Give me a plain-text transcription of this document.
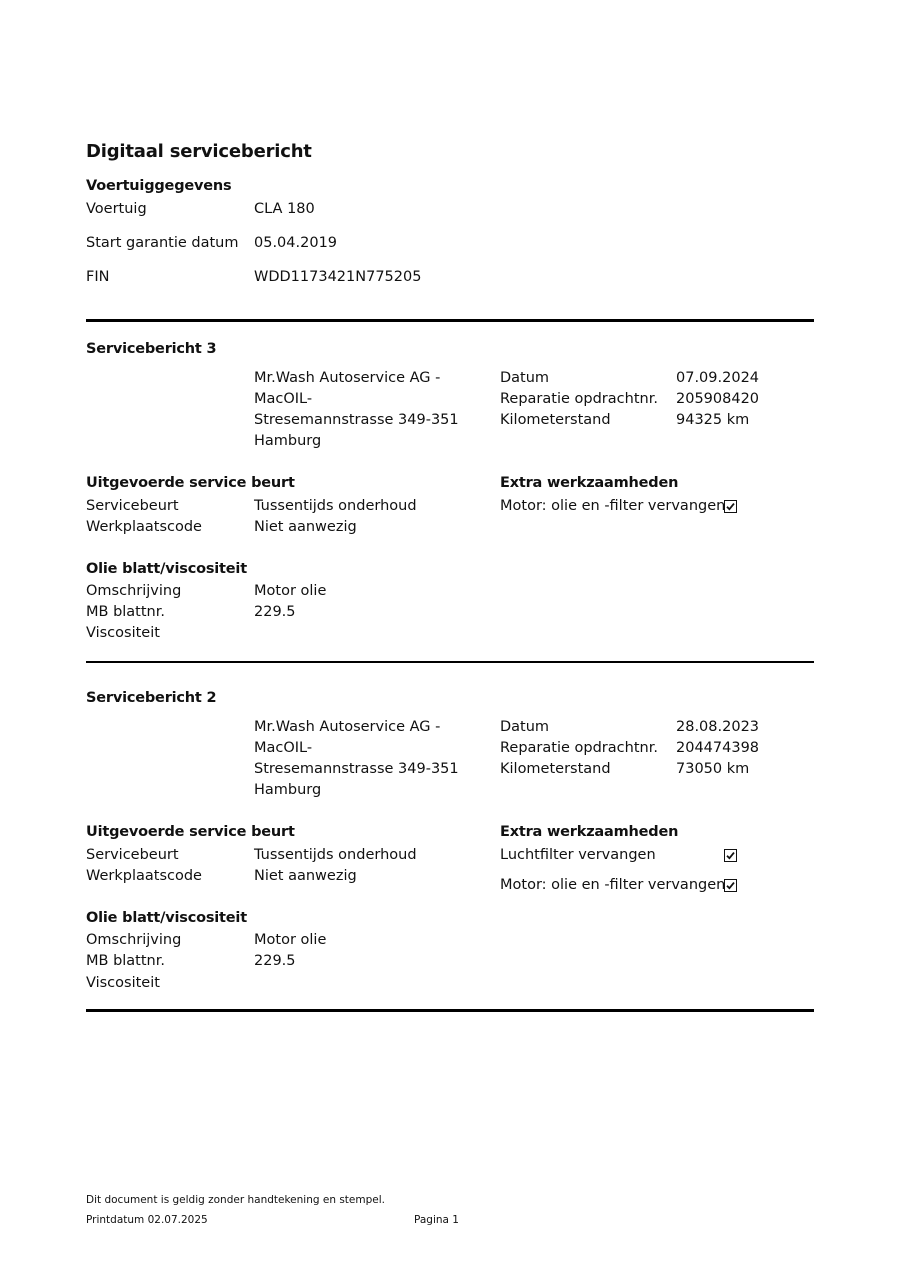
Digitaal servicebericht
Voertuiggegevens
Voertuig	CLA 180
Start garantie datum 05.04.2019
FIN	WDD1173421N775205
Servicebericht 3
Mr.Wash Autoservice AG -
MacOIL-
Stresemannstrasse 349-351
Hamburg
Datum	07.09.2024
Reparatie opdrachtnr. 205908420
Kilometerstand	94325 km
Uitgevoerde service beurt
Servicebeurt	Tussentijds onderhoud
Werkplaatscode	Niet aanwezig
Extra werkzaamheden
Motor: olie en -filter vervangen
Olie blatt/viscositeit
Omschrijving	Motor olie
MB blattnr.	229.5
Viscositeit
Servicebericht 2
Mr.Wash Autoservice AG -
MacOIL-
Stresemannstrasse 349-351
Hamburg
Datum	28.08.2023
Reparatie opdrachtnr. 204474398
Kilometerstand	73050 km
Uitgevoerde service beurt
Servicebeurt	Tussentijds onderhoud
Werkplaatscode	Niet aanwezig
Extra werkzaamheden
Luchtfilter vervangen
Motor: olie en -filter vervangen
Olie blatt/viscositeit
Omschrijving	Motor olie
MB blattnr.	229.5
Viscositeit
Dit document is geldig zonder handtekening en stempel.
Printdatum 02.07.2025	Pagina 1
